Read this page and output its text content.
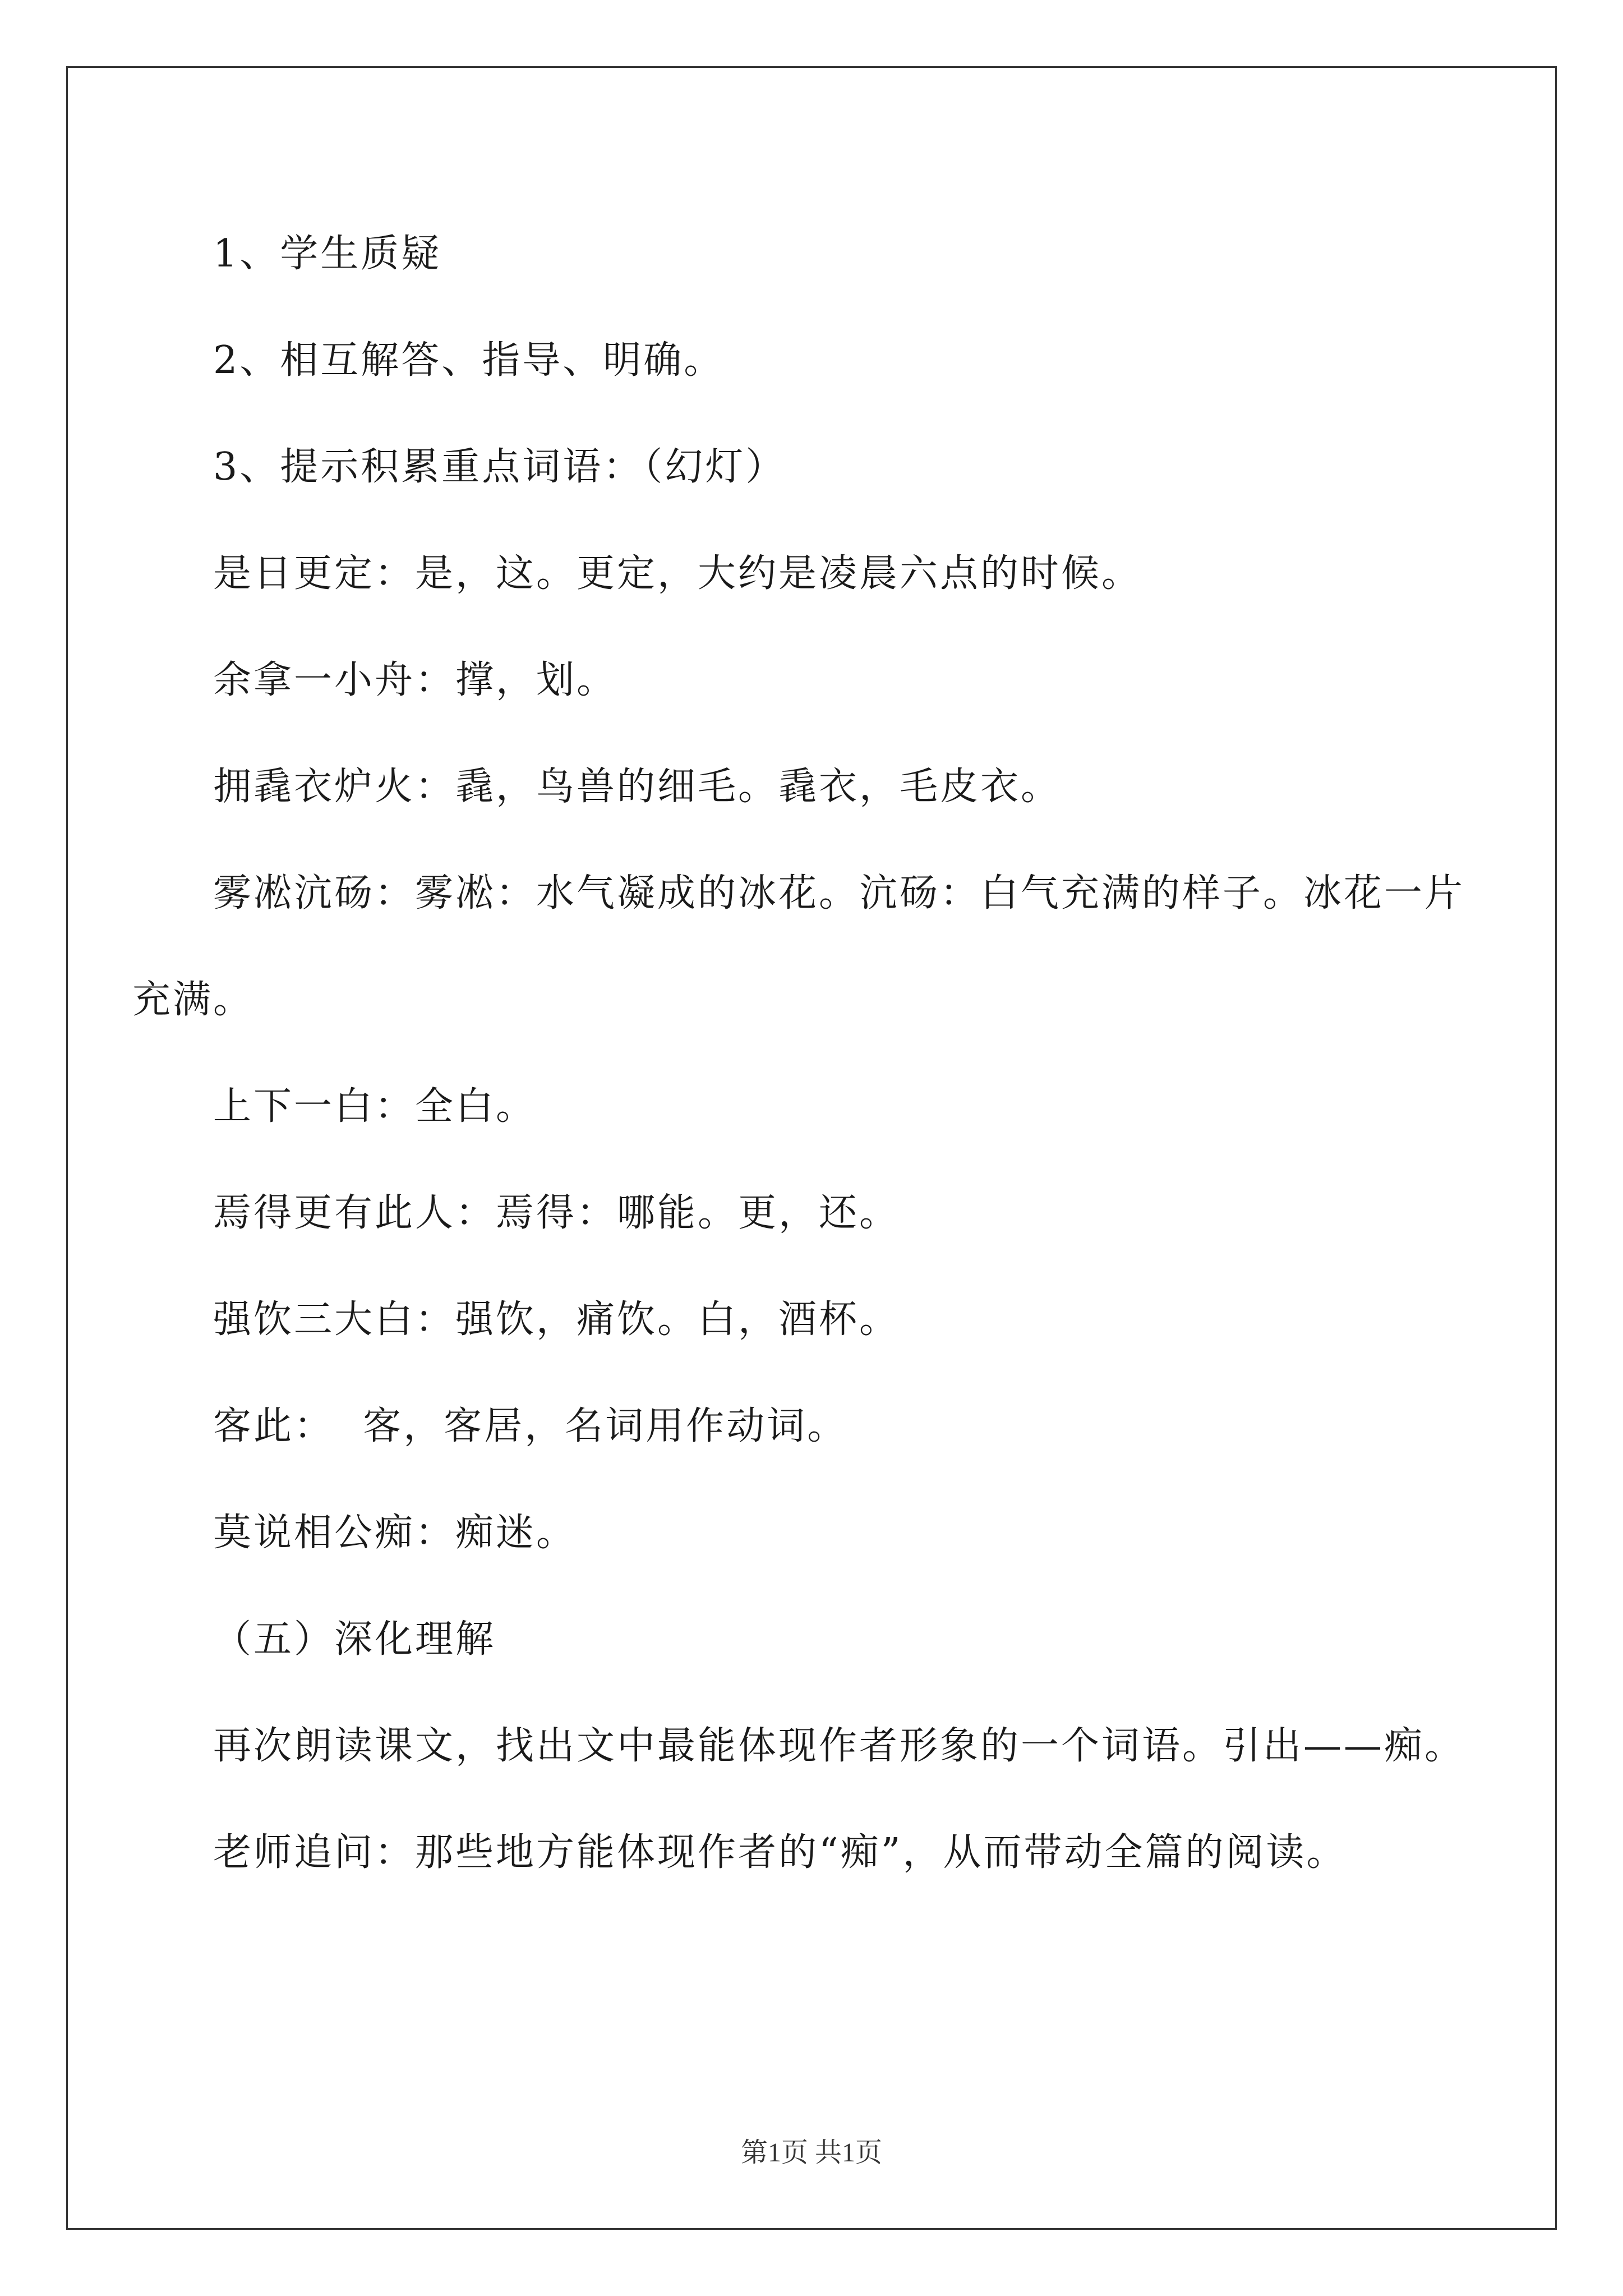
1、学生质疑

2、相互解答、指导、明确。

3、提示积累重点词语：（幻灯）

是日更定：是，这。更定，大约是凌晨六点的时候。

余拿一小舟：撑，划。

拥毳衣炉火：毳，鸟兽的细毛。毳衣，毛皮衣。

雾凇沆砀：雾凇：水气凝成的冰花。沆砀：白气充满的样子。冰花一片充满。

上下一白：全白。

焉得更有此人：焉得：哪能。更，还。

强饮三大白：强饮，痛饮。白，酒杯。

客此：  客，客居，名词用作动词。

莫说相公痴：痴迷。

（五）深化理解

再次朗读课文，找出文中最能体现作者形象的一个词语。引出——痴。

老师追问：那些地方能体现作者的“痴”，从而带动全篇的阅读。

第1页 共1页
